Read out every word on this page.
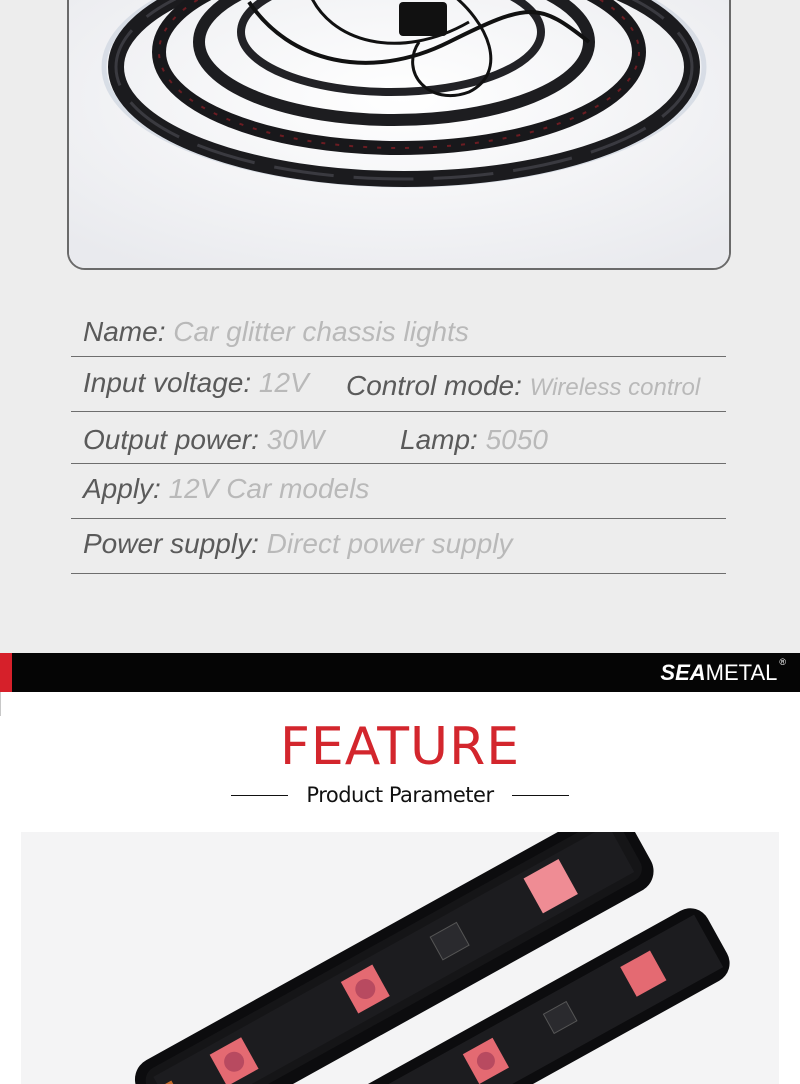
Name: Car glitter chassis lights
Input voltage: 12V Control mode: Wireless control
Output power: 30W	Lamp: 5050
Apply: 12V Car models
Power supply: Direct power supply
SEA METAL ®
FEATURE
Product Parameter
